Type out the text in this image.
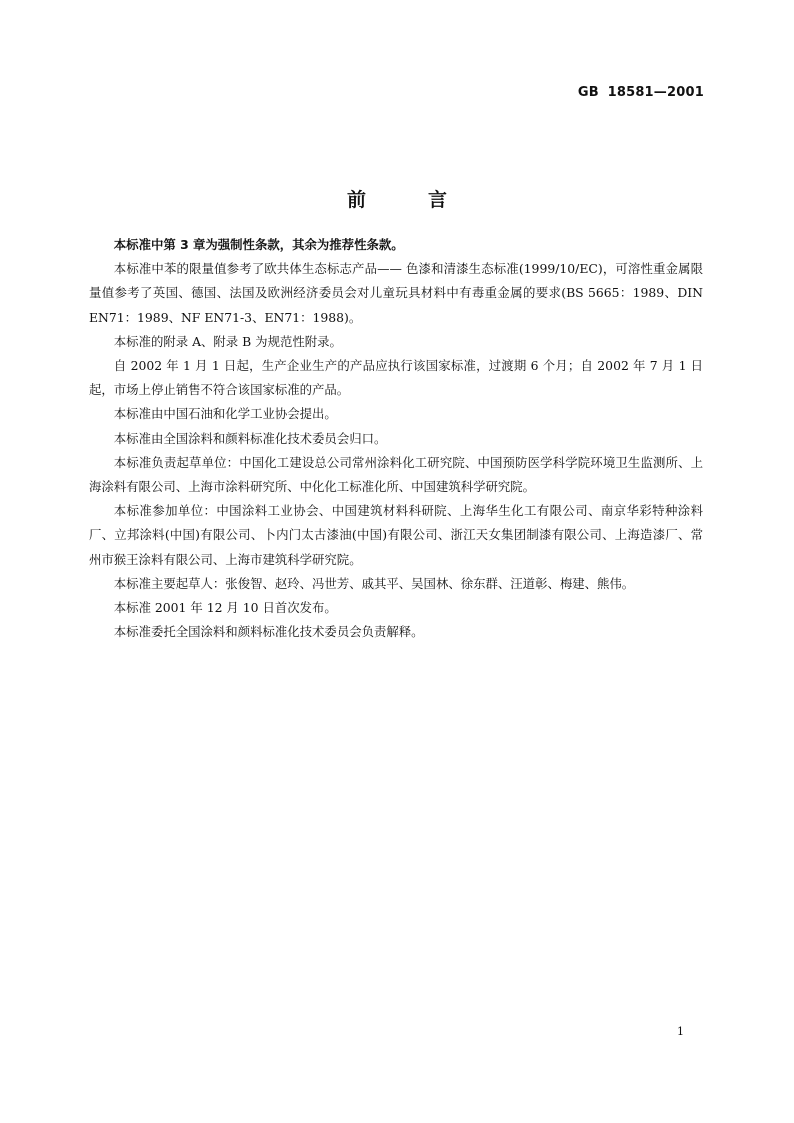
GB 18581—2001
前言

本标准中第 3 章为强制性条款，其余为推荐性条款。

本标准中苯的限量值参考了欧共体生态标志产品—— 色漆和清漆生态标准(1999/10/EC)，可溶性重金属限量值参考了英国、德国、法国及欧洲经济委员会对儿童玩具材料中有毒重金属的要求(BS 5665：1989、DIN EN71：1989、NF EN71-3、EN71：1988)。

本标准的附录 A、附录 B 为规范性附录。

自 2002 年 1 月 1 日起，生产企业生产的产品应执行该国家标准，过渡期 6 个月；自 2002 年 7 月 1 日起，市场上停止销售不符合该国家标准的产品。

本标准由中国石油和化学工业协会提出。

本标准由全国涂料和颜料标准化技术委员会归口。

本标准负责起草单位：中国化工建设总公司常州涂料化工研究院、中国预防医学科学院环境卫生监测所、上海涂料有限公司、上海市涂料研究所、中化化工标准化所、中国建筑科学研究院。

本标准参加单位：中国涂料工业协会、中国建筑材料科研院、上海华生化工有限公司、南京华彩特种涂料厂、立邦涂料(中国)有限公司、卜内门太古漆油(中国)有限公司、浙江天女集团制漆有限公司、上海造漆厂、常州市猴王涂料有限公司、上海市建筑科学研究院。

本标准主要起草人：张俊智、赵玲、冯世芳、戚其平、吴国林、徐东群、汪道彰、梅建、熊伟。

本标准 2001 年 12 月 10 日首次发布。

本标准委托全国涂料和颜料标准化技术委员会负责解释。

1
